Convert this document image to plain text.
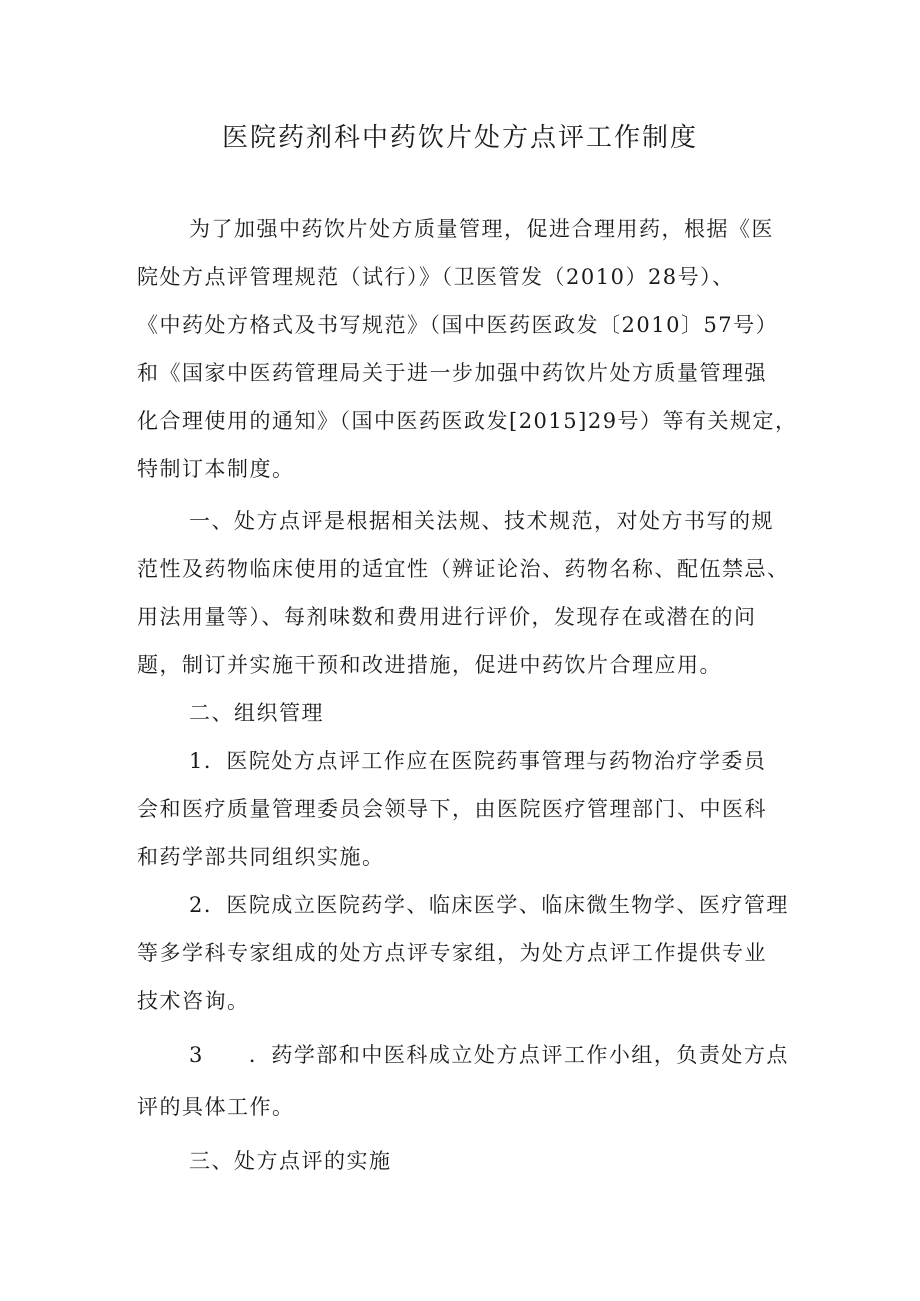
医院药剂科中药饮片处方点评工作制度

为了加强中药饮片处方质量管理，促进合理用药，根据《医

院处方点评管理规范（试行）》（卫医管发（2010）28号）、

《中药处方格式及书写规范》（国中医药医政发〔2010〕57号）

和《国家中医药管理局关于进一步加强中药饮片处方质量管理强

化合理使用的通知》（国中医药医政发[2015]29号）等有关规定，

特制订本制度。

一、处方点评是根据相关法规、技术规范，对处方书写的规

范性及药物临床使用的适宜性（辨证论治、药物名称、配伍禁忌、

用法用量等）、每剂味数和费用进行评价，发现存在或潜在的问

题，制订并实施干预和改进措施，促进中药饮片合理应用。

二、组织管理

1．医院处方点评工作应在医院药事管理与药物治疗学委员

会和医疗质量管理委员会领导下，由医院医疗管理部门、中医科

和药学部共同组织实施。

2．医院成立医院药学、临床医学、临床微生物学、医疗管理

等多学科专家组成的处方点评专家组，为处方点评工作提供专业

技术咨询。

3　　．药学部和中医科成立处方点评工作小组，负责处方点

评的具体工作。

三、处方点评的实施
